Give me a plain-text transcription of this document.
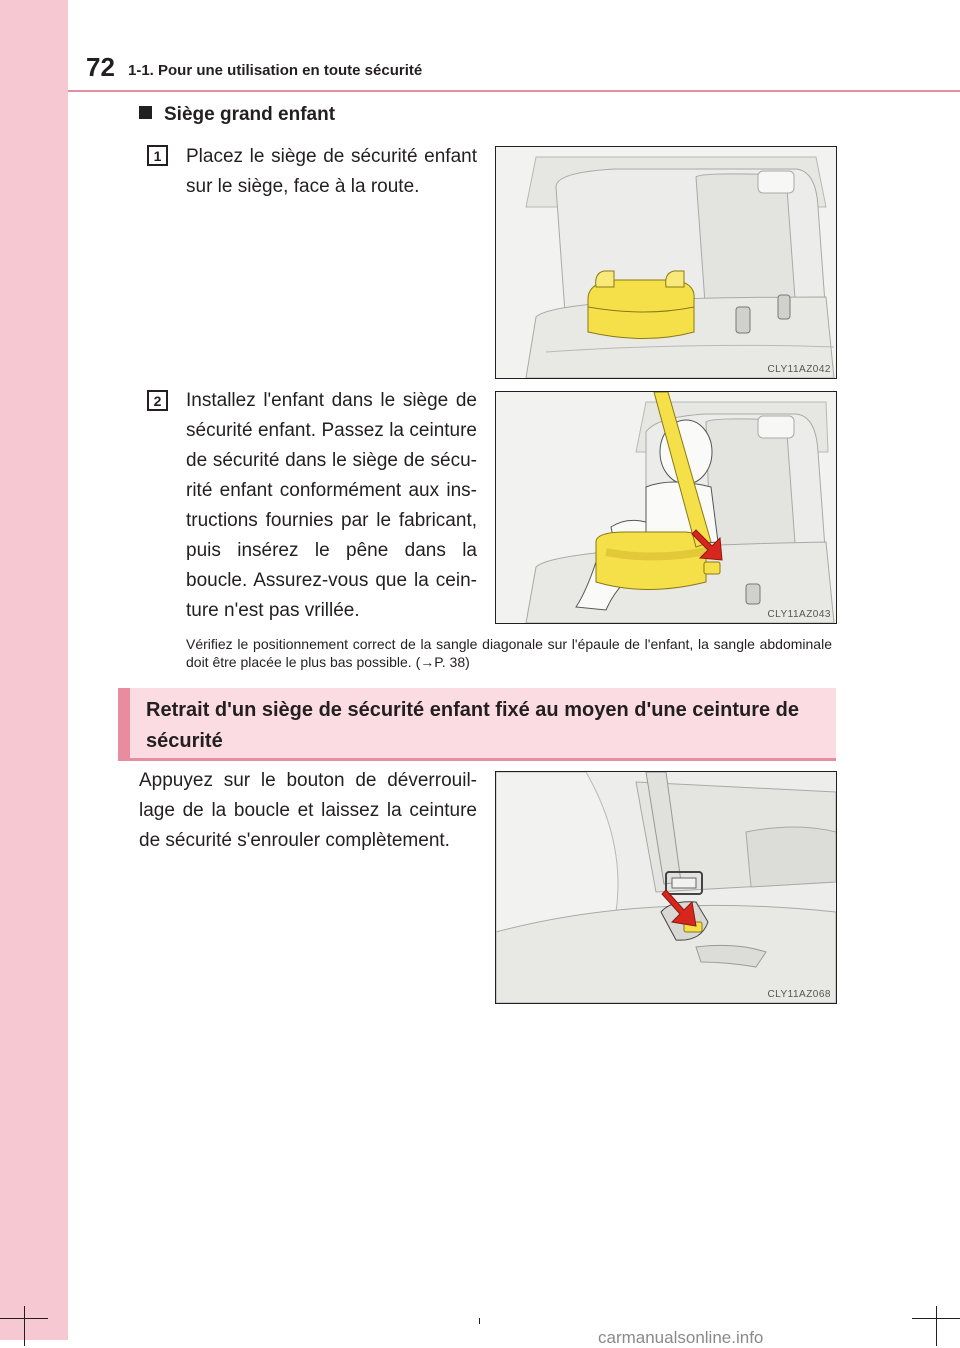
72 1-1. Pour une utilisation en toute sécurité
Siège grand enfant
1	Placez le siège de sécurité enfant sur le siège, face à la route.
2	Installez l'enfant dans le siège de sécurité enfant. Passez la ceinture de sécurité dans le siège de sécu-rité enfant conformément aux ins-tructions fournies par le fabricant, puis insérez le pêne dans la boucle. Assurez-vous que la cein-ture n'est pas vrillée.
Vérifiez le positionnement correct de la sangle diagonale sur l'épaule de l'enfant, la sangle abdominale doit être placée le plus bas possible. (→P. 38)
Retrait d'un siège de sécurité enfant fixé au moyen d'une ceinture de sécurité
Appuyez sur le bouton de déverrouil-lage de la boucle et laissez la ceinture de sécurité s'enrouler complètement.
CLY11AZ042
CLY11AZ043
CLY11AZ068
carmanualsonline.info
